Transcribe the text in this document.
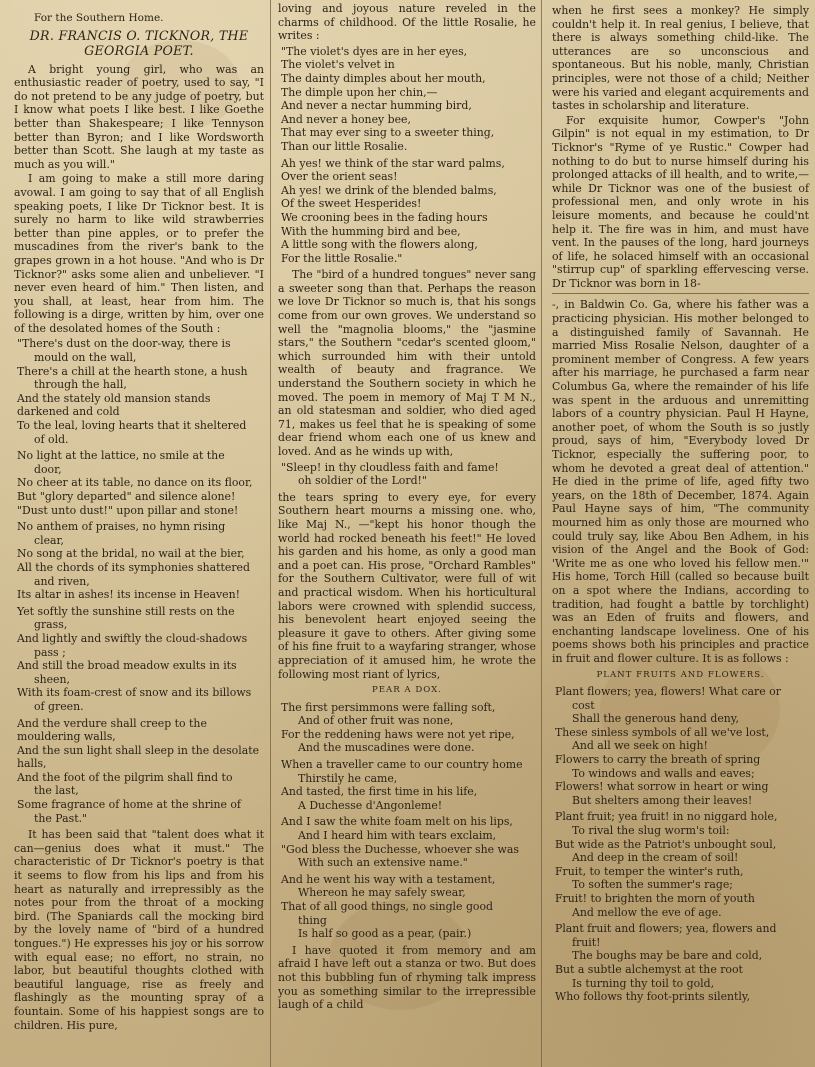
For the Southern Home.

DR. FRANCIS O. TICKNOR, THE GEORGIA POET.

A bright young girl, who was an enthusiastic reader of poetry, used to say, "I do not pretend to be any judge of poetry, but I know what poets I like best. I like Goethe better than Shakespeare; I like Tennyson better than Byron; and I like Wordsworth better than Scott. She laugh at my taste as much as you will."

I am going to make a still more daring avowal. I am going to say that of all English speaking poets, I like Dr Ticknor best. It is surely no harm to like wild strawberries better than pine apples, or to prefer the muscadines from the river's bank to the grapes grown in a hot house. "And who is Dr Ticknor?" asks some alien and unbeliever. "I never even heard of him." Then listen, and you shall, at least, hear from him. The following is a dirge, written by him, over one of the desolated homes of the South :

"There's dust on the door-way, there is
mould on the wall,
There's a chill at the hearth stone, a hush
through the hall,
And the stately old mansion stands darkened and cold
To the leal, loving hearts that it sheltered
of old.
No light at the lattice, no smile at the
door,
No cheer at its table, no dance on its floor,
But "glory departed" and silence alone!
"Dust unto dust!" upon pillar and stone!
No anthem of praises, no hymn rising
clear,
No song at the bridal, no wail at the bier,
All the chords of its symphonies shattered
and riven,
Its altar in ashes! its incense in Heaven!
Yet softly the sunshine still rests on the
grass,
And lightly and swiftly the cloud-shadows
pass ;
And still the broad meadow exults in its
sheen,
With its foam-crest of snow and its billows
of green.
And the verdure shall creep to the mouldering walls,
And the sun light shall sleep in the desolate halls,
And the foot of the pilgrim shall find to
the last,
Some fragrance of home at the shrine of
the Past."

It has been said that "talent does what it can—genius does what it must." The characteristic of Dr Ticknor's poetry is that it seems to flow from his lips and from his heart as naturally and irrepressibly as the notes pour from the throat of a mocking bird. (The Spaniards call the mocking bird by the lovely name of "bird of a hundred tongues.") He expresses his joy or his sorrow with equal ease; no effort, no strain, no labor, but beautiful thoughts clothed with beautiful language, rise as freely and flashingly as the mounting spray of a fountain. Some of his happiest songs are to children. His pure,

loving and joyous nature reveled in the charms of childhood. Of the little Rosalie, he writes :

"The violet's dyes are in her eyes,
The violet's velvet in
The dainty dimples about her mouth,
The dimple upon her chin,—
And never a nectar humming bird,
And never a honey bee,
That may ever sing to a sweeter thing,
Than our little Rosalie.
Ah yes! we think of the star ward palms,
Over the orient seas!
Ah yes! we drink of the blended balms,
Of the sweet Hesperides!
We crooning bees in the fading hours
With the humming bird and bee,
A little song with the flowers along,
For the little Rosalie."

The "bird of a hundred tongues" never sang a sweeter song than that. Perhaps the reason we love Dr Ticknor so much is, that his songs come from our own groves. We understand so well the "magnolia blooms," the "jasmine stars," the Southern "cedar's scented gloom," which surrounded him with their untold wealth of beauty and fragrance. We understand the Southern society in which he moved. The poem in memory of Maj T M N., an old statesman and soldier, who died aged 71, makes us feel that he is speaking of some dear friend whom each one of us knew and loved. And as he winds up with,

"Sleep! in thy cloudless faith and fame!
oh soldier of the Lord!"

the tears spring to every eye, for every Southern heart mourns a missing one. who, like Maj N., —"kept his honor though the world had rocked beneath his feet!" He loved his garden and his home, as only a good man and a poet can. His prose, "Orchard Rambles" for the Southern Cultivator, were full of wit and practical wisdom. When his horticultural labors were crowned with splendid success, his benevolent heart enjoyed seeing the pleasure it gave to others. After giving some of his fine fruit to a wayfaring stranger, whose appreciation of it amused him, he wrote the following most riant of lyrics,

PEAR A DOX.

The first persimmons were falling soft,
And of other fruit was none,
For the reddening haws were not yet ripe,
And the muscadines were done.
When a traveller came to our country home
Thirstily he came,
And tasted, the first time in his life,
A Duchesse d'Angonleme!
And I saw the white foam melt on his lips,
And I heard him with tears exclaim,
"God bless the Duchesse, whoever she was
With such an extensive name."
And he went his way with a testament,
Whereon he may safely swear,
That of all good things, no single good
thing
Is half so good as a pear, (pair.)

I have quoted it from memory and am afraid I have left out a stanza or two. But does not this bubbling fun of rhyming talk impress you as something similar to the irrepressible laugh of a child

when he first sees a monkey? He simply couldn't help it. In real genius, I believe, that there is always something child-like. The utterances are so unconscious and spontaneous. But his noble, manly, Christian principles, were not those of a child; Neither were his varied and elegant acquirements and tastes in scholarship and literature.

For exquisite humor, Cowper's "John Gilpin" is not equal in my estimation, to Dr Ticknor's "Ryme of ye Rustic." Cowper had nothing to do but to nurse himself during his prolonged attacks of ill health, and to write,—while Dr Ticknor was one of the busiest of professional men, and only wrote in his leisure moments, and because he could'nt help it. The fire was in him, and must have vent. In the pauses of the long, hard journeys of life, he solaced himself with an occasional "stirrup cup" of sparkling effervescing verse. Dr Ticknor was born in 18-

-, in Baldwin Co. Ga, where his father was a practicing physician. His mother belonged to a distinguished family of Savannah. He married Miss Rosalie Nelson, daughter of a prominent member of Congress. A few years after his marriage, he purchased a farm near Columbus Ga, where the remainder of his life was spent in the arduous and unremitting labors of a country physician. Paul H Hayne, another poet, of whom the South is so justly proud, says of him, "Everybody loved Dr Ticknor, especially the suffering poor, to whom he devoted a great deal of attention." He died in the prime of life, aged fifty two years, on the 18th of December, 1874. Again Paul Hayne says of him, "The community mourned him as only those are mourned who could truly say, like Abou Ben Adhem, in his vision of the Angel and the Book of God: 'Write me as one who loved his fellow men.'" His home, Torch Hill (called so because built on a spot where the Indians, according to tradition, had fought a battle by torchlight) was an Eden of fruits and flowers, and enchanting landscape loveliness. One of his poems shows both his principles and practice in fruit and flower culture. It is as follows :

PLANT FRUITS AND FLOWERS.

Plant flowers; yea, flowers! What care or
cost
Shall the generous hand deny,
These sinless symbols of all we've lost,
And all we seek on high!
Flowers to carry the breath of spring
To windows and walls and eaves;
Flowers! what sorrow in heart or wing
But shelters among their leaves!
Plant fruit; yea fruit! in no niggard hole,
To rival the slug worm's toil:
But wide as the Patriot's unbought soul,
And deep in the cream of soil!
Fruit, to temper the winter's ruth,
To soften the summer's rage;
Fruit! to brighten the morn of youth
And mellow the eve of age.
Plant fruit and flowers; yea, flowers and
fruit!
The boughs may be bare and cold,
But a subtle alchemyst at the root
Is turning thy toil to gold,
Who follows thy foot-prints silently,
